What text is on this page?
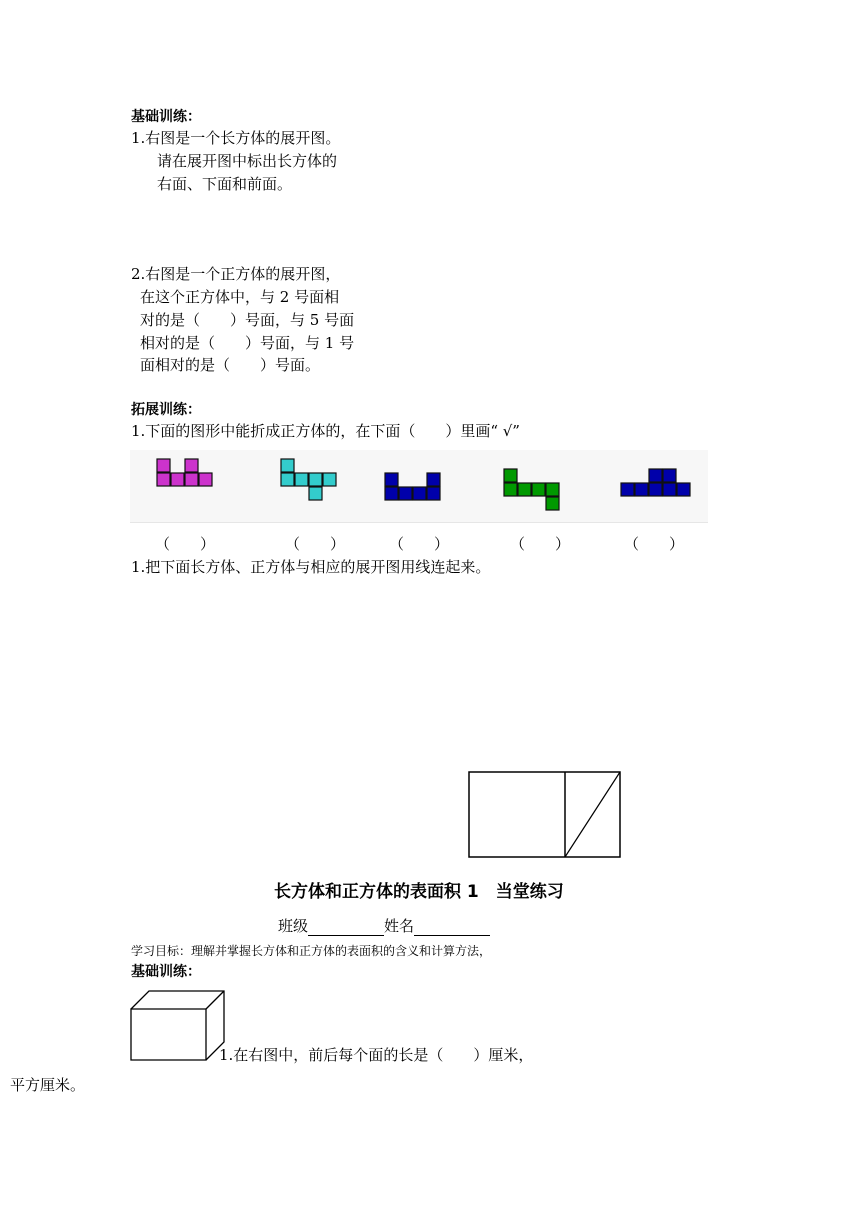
基础训练：
1.右图是一个长方体的展开图。
请在展开图中标出长方体的
右面、下面和前面。
2.右图是一个正方体的展开图，
在这个正方体中，与 2 号面相
对的是（　　）号面，与 5 号面
相对的是（　　）号面，与 1 号
面相对的是（　　）号面。
拓展训练：
1.下面的图形中能折成正方体的，在下面（　　）里画“ √”
（　　）	（　　）	（　　）	（　　）	（　　）
1.把下面长方体、正方体与相应的展开图用线连起来。
长方体和正方体的表面积 1　当堂练习
班级	姓名
学习目标：理解并掌握长方体和正方体的表面积的含义和计算方法，
基础训练：
1.在右图中，前后每个面的长是（　　）厘米，
平方厘米。
